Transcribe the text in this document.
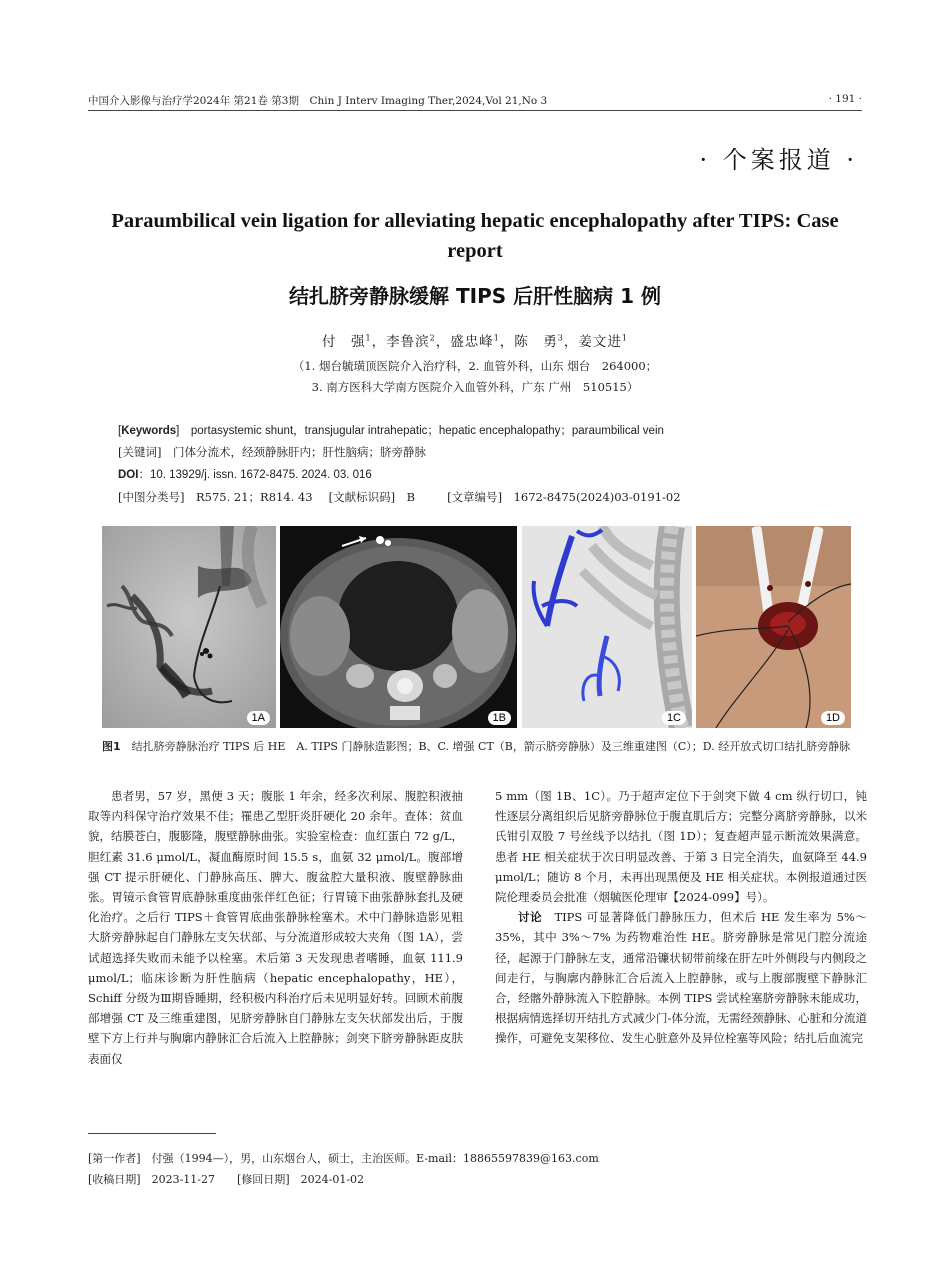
中国介入影像与治疗学2024年 第21卷 第3期　Chin J Interv Imaging Ther,2024,Vol 21,No 3	· 191 ·
· 个案报道 ·
Paraumbilical vein ligation for alleviating hepatic encephalopathy after TIPS: Case report
结扎脐旁静脉缓解 TIPS 后肝性脑病 1 例
付　强$^1$，李鲁滨$^2$，盛忠峰$^1$，陈　勇$^3$，姜文进$^1$
（1. 烟台毓璜顶医院介入治疗科，2. 血管外科，山东 烟台　264000；
3. 南方医科大学南方医院介入血管外科，广东 广州　510515）
[Keywords]　portasystemic shunt，transjugular intrahepatic；hepatic encephalopathy；paraumbilical vein
[关键词]　门体分流术，经颈静脉肝内；肝性脑病；脐旁静脉
DOI：10. 13929/j. issn. 1672-8475. 2024. 03. 016
[中图分类号]　R575. 21；R814. 43 [文献标识码]　B	[文章编号]　1672-8475(2024)03-0191-02
1A	1B	1C	1D
图1　 结扎脐旁静脉治疗 TIPS 后 HE　A. TIPS 门静脉造影图；B、C. 增强 CT（B，箭示脐旁静脉）及三维重建图（C）；D. 经开放式切口结扎脐旁静脉

患者男，57 岁，黑便 3 天；腹胀 1 年余，经多次利尿、腹腔积液抽取等内科保守治疗效果不佳；罹患乙型肝炎肝硬化 20 余年。查体：贫血貌，结膜苍白，腹膨隆，腹壁静脉曲张。实验室检查：血红蛋白 72 g/L，胆红素 31.6 μmol/L，凝血酶原时间 15.5 s，血氨 32 μmol/L。腹部增强 CT 提示肝硬化、门静脉高压、脾大、腹盆腔大量积液、腹壁静脉曲张。胃镜示食管胃底静脉重度曲张伴红色征；行胃镜下曲张静脉套扎及硬化治疗。之后行 TIPS＋食管胃底曲张静脉栓塞术。术中门静脉造影见粗大脐旁静脉起自门静脉左支矢状部、与分流道形成较大夹角（图 1A），尝试超选择失败而未能予以栓塞。术后第 3 天发现患者嗜睡，血氨 111.9 μmol/L；临床诊断为肝性脑病（hepatic encephalopathy，HE），Schiff 分级为Ⅲ期昏睡期，经积极内科治疗后未见明显好转。回顾术前腹部增强 CT 及三维重建图，见脐旁静脉自门静脉左支矢状部发出后，于腹壁下方上行并与胸廓内静脉汇合后流入上腔静脉；剑突下脐旁静脉距皮肤表面仅

5 mm（图 1B、1C）。乃于超声定位下于剑突下做 4 cm 纵行切口，钝性逐层分离组织后见脐旁静脉位于腹直肌后方；完整分离脐旁静脉，以米氏钳引双股 7 号丝线予以结扎（图 1D）；复查超声显示断流效果满意。患者 HE 相关症状于次日明显改善、于第 3 日完全消失，血氨降至 44.9 μmol/L；随访 8 个月，未再出现黑便及 HE 相关症状。本例报道通过医院伦理委员会批准（烟毓医伦理审【2024-099】号）。

讨论　 TIPS 可显著降低门静脉压力，但术后 HE 发生率为 5%～35%，其中 3%～7% 为药物难治性 HE。脐旁静脉是常见门腔分流途径，起源于门静脉左支，通常沿镰状韧带前缘在肝左叶外侧段与内侧段之间走行，与胸廓内静脉汇合后流入上腔静脉，或与上腹部腹壁下静脉汇合，经髂外静脉流入下腔静脉。本例 TIPS 尝试栓塞脐旁静脉未能成功，根据病情选择切开结扎方式减少门-体分流，无需经颈静脉、心脏和分流道操作，可避免支架移位、发生心脏意外及异位栓塞等风险；结扎后血流完

[第一作者]　付强（1994—），男，山东烟台人，硕士，主治医师。E-mail：18865597839@163.com
[收稿日期]　2023-11-27 [修回日期]　2024-01-02
